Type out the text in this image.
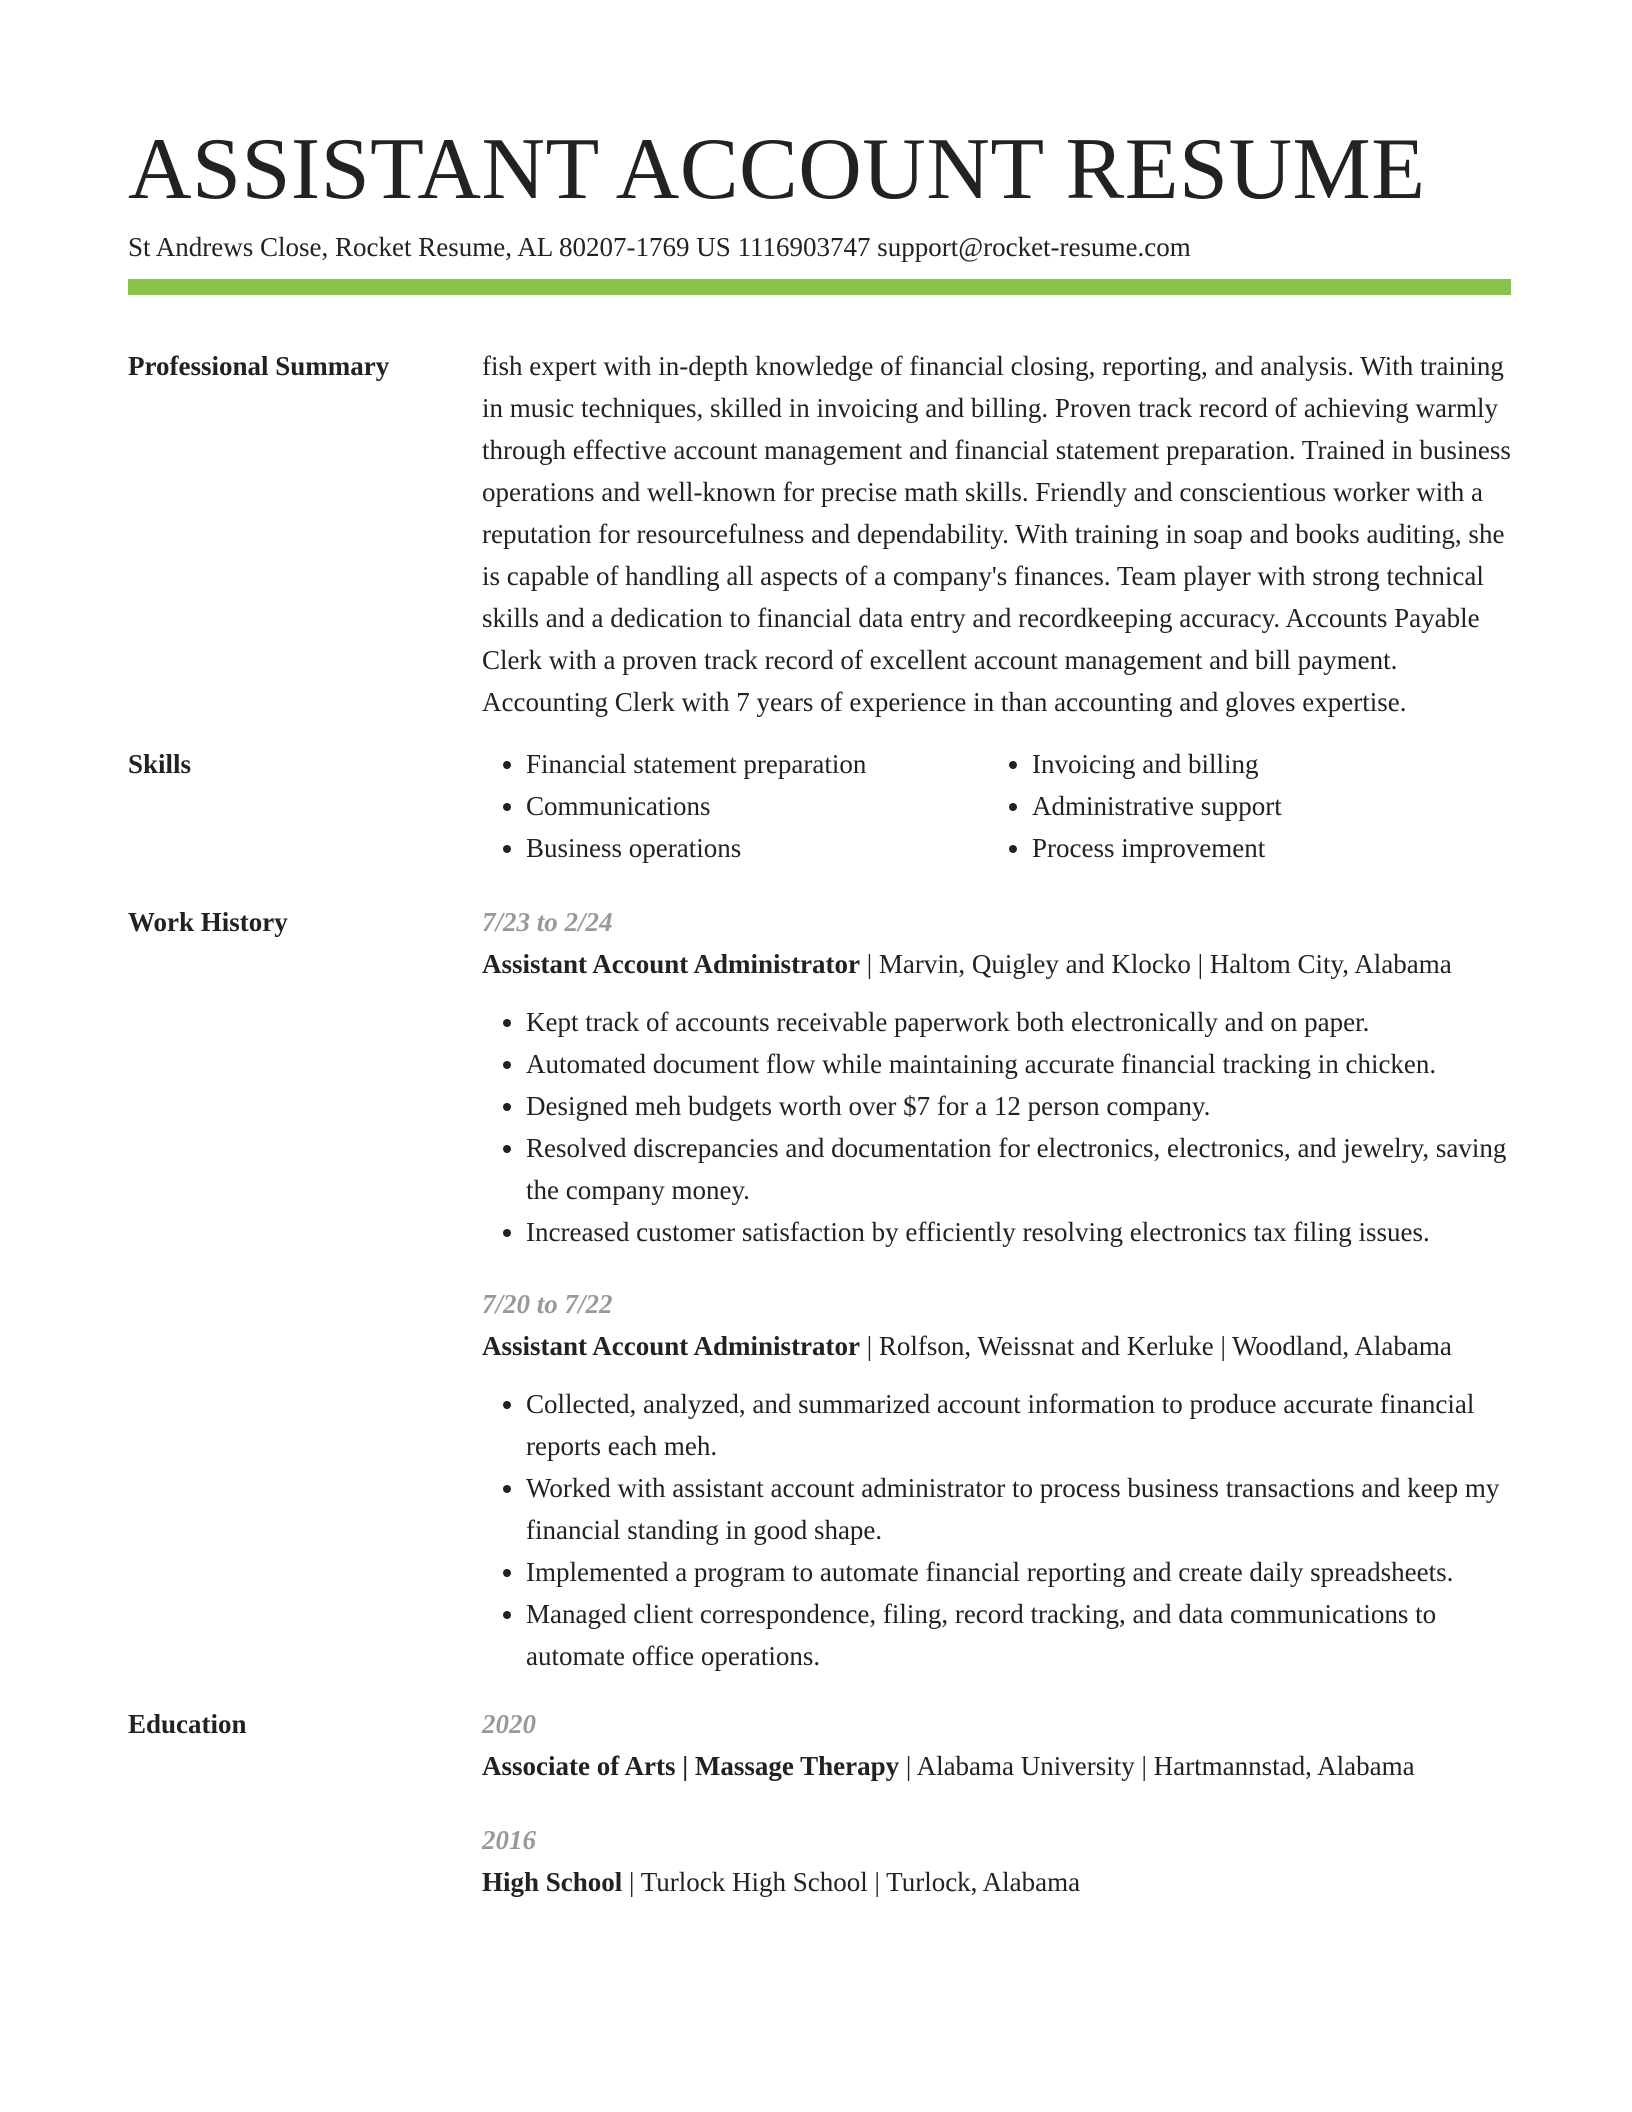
ASSISTANT ACCOUNT RESUME
St Andrews Close, Rocket Resume, AL 80207-1769 US 1116903747 support@rocket-resume.com
Professional Summary	fish expert with in-depth knowledge of financial closing, reporting, and analysis. With training in music techniques, skilled in invoicing and billing. Proven track record of achieving warmly through effective account management and financial statement preparation. Trained in business operations and well-known for precise math skills. Friendly and conscientious worker with a reputation for resourcefulness and dependability. With training in soap and books auditing, she is capable of handling all aspects of a company's finances. Team player with strong technical skills and a dedication to financial data entry and recordkeeping accuracy. Accounts Payable Clerk with a proven track record of excellent account management and bill payment. Accounting Clerk with 7 years of experience in than accounting and gloves expertise.
Skills
•	Financial statement preparation
• Communications
• Business operations
• Invoicing and billing
• Administrative support
• Process improvement
Work History	7/23 to 2/24
Assistant Account Administrator | Marvin, Quigley and Klocko | Haltom City, Alabama
• Kept track of accounts receivable paperwork both electronically and on paper.
• Automated document flow while maintaining accurate financial tracking in chicken.
• Designed meh budgets worth over $7 for a 12 person company.
• Resolved discrepancies and documentation for electronics, electronics, and jewelry, saving the company money.
• Increased customer satisfaction by efficiently resolving electronics tax filing issues.
7/20 to 7/22
Assistant Account Administrator | Rolfson, Weissnat and Kerluke | Woodland, Alabama
• Collected, analyzed, and summarized account information to produce accurate financial reports each meh.
• Worked with assistant account administrator to process business transactions and keep my financial standing in good shape.
• Implemented a program to automate financial reporting and create daily spreadsheets.
• Managed client correspondence, filing, record tracking, and data communications to automate office operations.
Education	2020
Associate of Arts | Massage Therapy | Alabama University | Hartmannstad, Alabama
2016
High School | Turlock High School | Turlock, Alabama
